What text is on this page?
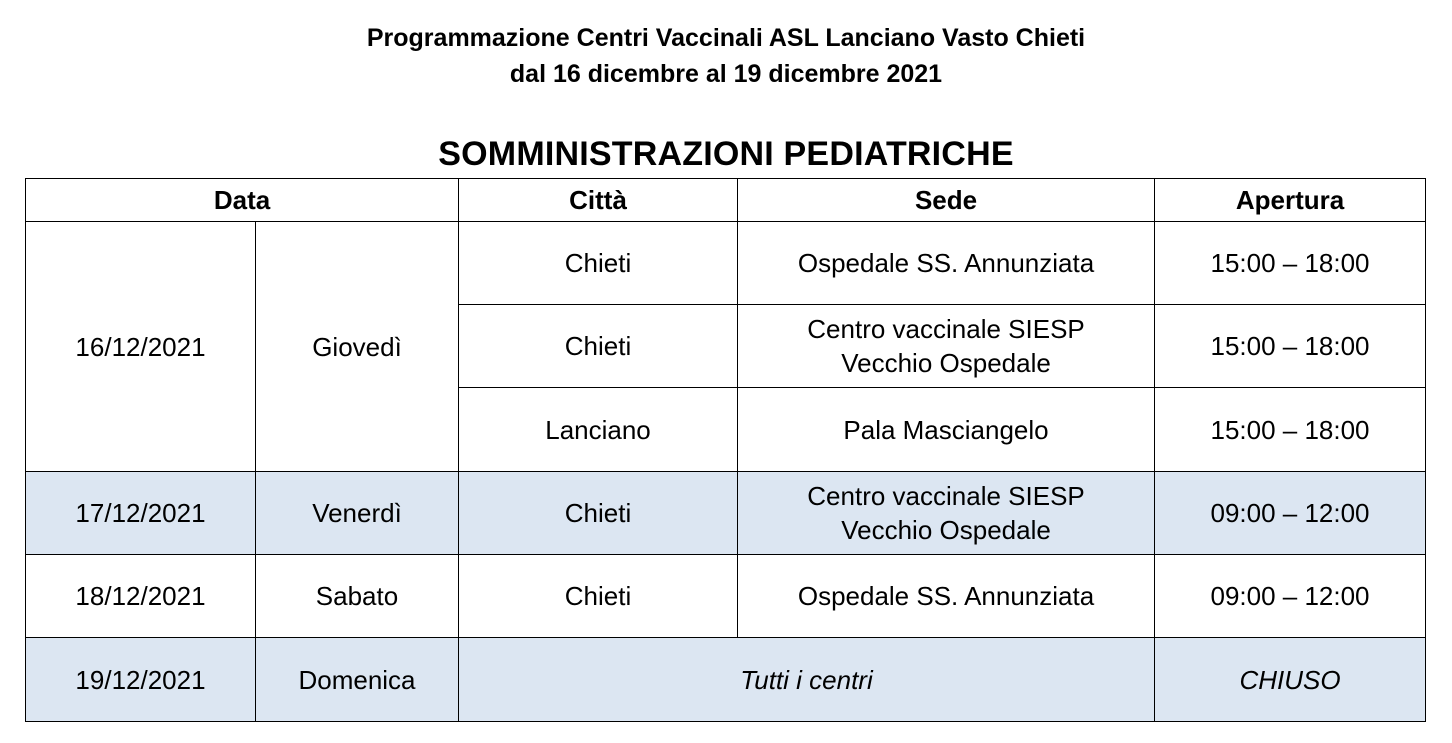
Programmazione Centri Vaccinali ASL Lanciano Vasto Chieti
dal 16 dicembre al 19 dicembre 2021
SOMMINISTRAZIONI PEDIATRICHE
Data		Città	Sede	Apertura
16/12/2021	Giovedì	Chieti	Ospedale SS. Annunziata	15:00 – 18:00
		Chieti	Centro vaccinale SIESP
Vecchio Ospedale	15:00 – 18:00
		Lanciano	Pala Masciangelo	15:00 – 18:00
17/12/2021	Venerdì	Chieti	Centro vaccinale SIESP
Vecchio Ospedale	09:00 – 12:00
18/12/2021	Sabato	Chieti	Ospedale SS. Annunziata	09:00 – 12:00
19/12/2021	Domenica	Tutti i centri		CHIUSO
